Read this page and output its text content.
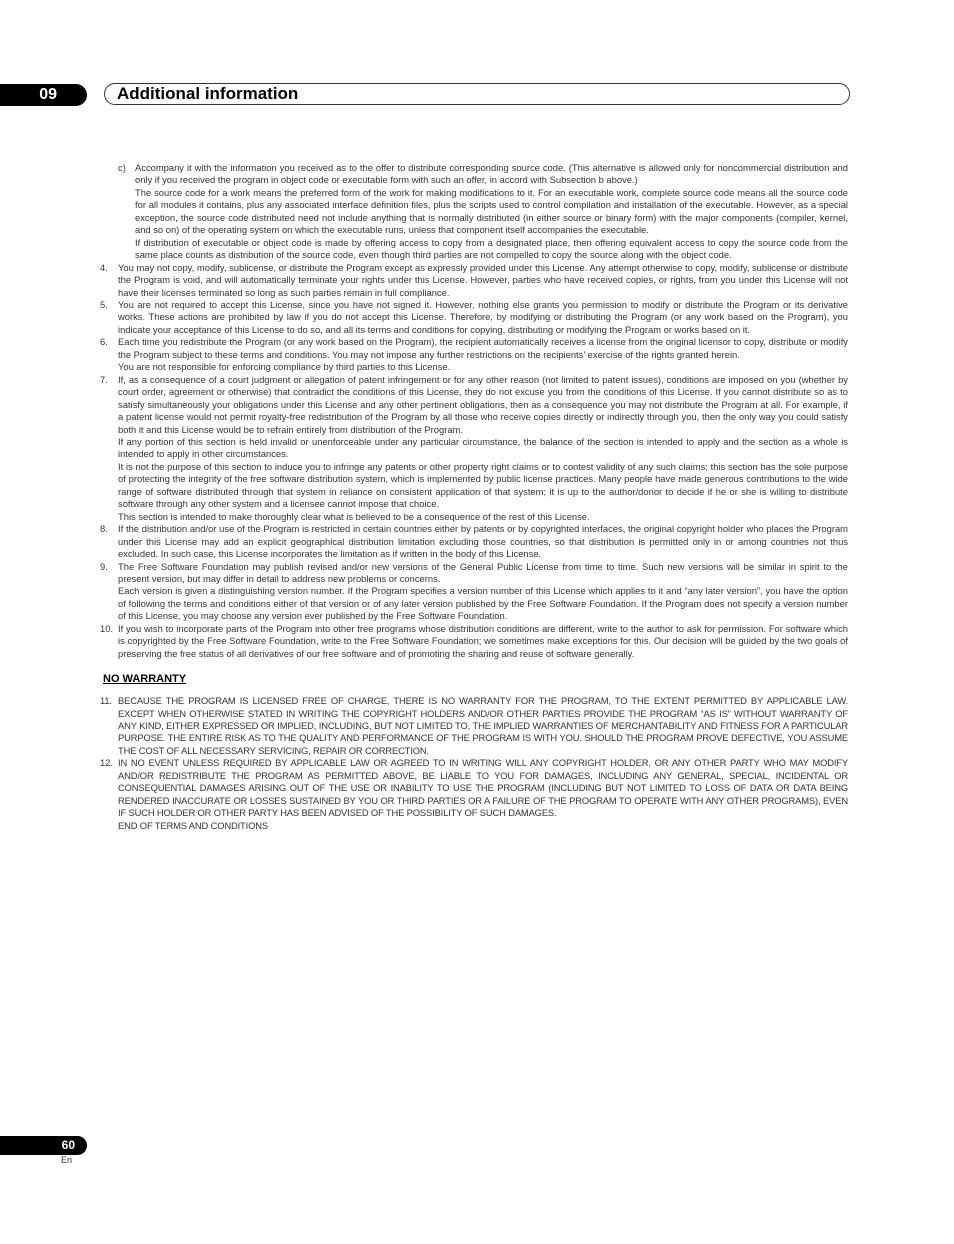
09	Additional information
c) Accompany it with the information you received as to the offer to distribute corresponding source code. (This alternative is allowed only for noncommercial distribution and only if you received the program in object code or executable form with such an offer, in accord with Subsection b above.)

The source code for a work means the preferred form of the work for making modifications to it. For an executable work, complete source code means all the source code for all modules it contains, plus any associated interface definition files, plus the scripts used to control compilation and installation of the executable. However, as a special exception, the source code distributed need not include anything that is normally distributed (in either source or binary form) with the major components (compiler, kernel, and so on) of the operating system on which the executable runs, unless that component itself accompanies the executable.

If distribution of executable or object code is made by offering access to copy from a designated place, then offering equivalent access to copy the source code from the same place counts as distribution of the source code, even though third parties are not compelled to copy the source along with the object code.

4. You may not copy, modify, sublicense, or distribute the Program except as expressly provided under this License. Any attempt otherwise to copy, modify, sublicense or distribute the Program is void, and will automatically terminate your rights under this License. However, parties who have received copies, or rights, from you under this License will not have their licenses terminated so long as such parties remain in full compliance.

5. You are not required to accept this License, since you have not signed it. However, nothing else grants you permission to modify or distribute the Program or its derivative works. These actions are prohibited by law if you do not accept this License. Therefore, by modifying or distributing the Program (or any work based on the Program), you indicate your acceptance of this License to do so, and all its terms and conditions for copying, distributing or modifying the Program or works based on it.

6. Each time you redistribute the Program (or any work based on the Program), the recipient automatically receives a license from the original licensor to copy, distribute or modify the Program subject to these terms and conditions. You may not impose any further restrictions on the recipients’ exercise of the rights granted herein.

You are not responsible for enforcing compliance by third parties to this License.

7. If, as a consequence of a court judgment or allegation of patent infringement or for any other reason (not limited to patent issues), conditions are imposed on you (whether by court order, agreement or otherwise) that contradict the conditions of this License, they do not excuse you from the conditions of this License. If you cannot distribute so as to satisfy simultaneously your obligations under this License and any other pertinent obligations, then as a consequence you may not distribute the Program at all. For example, if a patent license would not permit royalty-free redistribution of the Program by all those who receive copies directly or indirectly through you, then the only way you could satisfy both it and this License would be to refrain entirely from distribution of the Program.

If any portion of this section is held invalid or unenforceable under any particular circumstance, the balance of the section is intended to apply and the section as a whole is intended to apply in other circumstances.

It is not the purpose of this section to induce you to infringe any patents or other property right claims or to contest validity of any such claims; this section has the sole purpose of protecting the integrity of the free software distribution system, which is implemented by public license practices. Many people have made generous contributions to the wide range of software distributed through that system in reliance on consistent application of that system; it is up to the author/donor to decide if he or she is willing to distribute software through any other system and a licensee cannot impose that choice.

This section is intended to make thoroughly clear what is believed to be a consequence of the rest of this License.

8. If the distribution and/or use of the Program is restricted in certain countries either by patents or by copyrighted interfaces, the original copyright holder who places the Program under this License may add an explicit geographical distribution limitation excluding those countries, so that distribution is permitted only in or among countries not thus excluded. In such case, this License incorporates the limitation as if written in the body of this License.

9. The Free Software Foundation may publish revised and/or new versions of the General Public License from time to time. Such new versions will be similar in spirit to the present version, but may differ in detail to address new problems or concerns.

Each version is given a distinguishing version number. If the Program specifies a version number of this License which applies to it and “any later version”, you have the option of following the terms and conditions either of that version or of any later version published by the Free Software Foundation. If the Program does not specify a version number of this License, you may choose any version ever published by the Free Software Foundation.

10. If you wish to incorporate parts of the Program into other free programs whose distribution conditions are different, write to the author to ask for permission. For software which is copyrighted by the Free Software Foundation, write to the Free Software Foundation; we sometimes make exceptions for this. Our decision will be guided by the two goals of preserving the free status of all derivatives of our free software and of promoting the sharing and reuse of software generally.

NO WARRANTY
11. BECAUSE THE PROGRAM IS LICENSED FREE OF CHARGE, THERE IS NO WARRANTY FOR THE PROGRAM, TO THE EXTENT PERMITTED BY APPLICABLE LAW. EXCEPT WHEN OTHERWISE STATED IN WRITING THE COPYRIGHT HOLDERS AND/OR OTHER PARTIES PROVIDE THE PROGRAM “AS IS” WITHOUT WARRANTY OF ANY KIND, EITHER EXPRESSED OR IMPLIED, INCLUDING, BUT NOT LIMITED TO, THE IMPLIED WARRANTIES OF MERCHANTABILITY AND FITNESS FOR A PARTICULAR PURPOSE. THE ENTIRE RISK AS TO THE QUALITY AND PERFORMANCE OF THE PROGRAM IS WITH YOU. SHOULD THE PROGRAM PROVE DEFECTIVE, YOU ASSUME THE COST OF ALL NECESSARY SERVICING, REPAIR OR CORRECTION.

12. IN NO EVENT UNLESS REQUIRED BY APPLICABLE LAW OR AGREED TO IN WRITING WILL ANY COPYRIGHT HOLDER, OR ANY OTHER PARTY WHO MAY MODIFY AND/OR REDISTRIBUTE THE PROGRAM AS PERMITTED ABOVE, BE LIABLE TO YOU FOR DAMAGES, INCLUDING ANY GENERAL, SPECIAL, INCIDENTAL OR CONSEQUENTIAL DAMAGES ARISING OUT OF THE USE OR INABILITY TO USE THE PROGRAM (INCLUDING BUT NOT LIMITED TO LOSS OF DATA OR DATA BEING RENDERED INACCURATE OR LOSSES SUSTAINED BY YOU OR THIRD PARTIES OR A FAILURE OF THE PROGRAM TO OPERATE WITH ANY OTHER PROGRAMS), EVEN IF SUCH HOLDER OR OTHER PARTY HAS BEEN ADVISED OF THE POSSIBILITY OF SUCH DAMAGES.

END OF TERMS AND CONDITIONS

60
En
